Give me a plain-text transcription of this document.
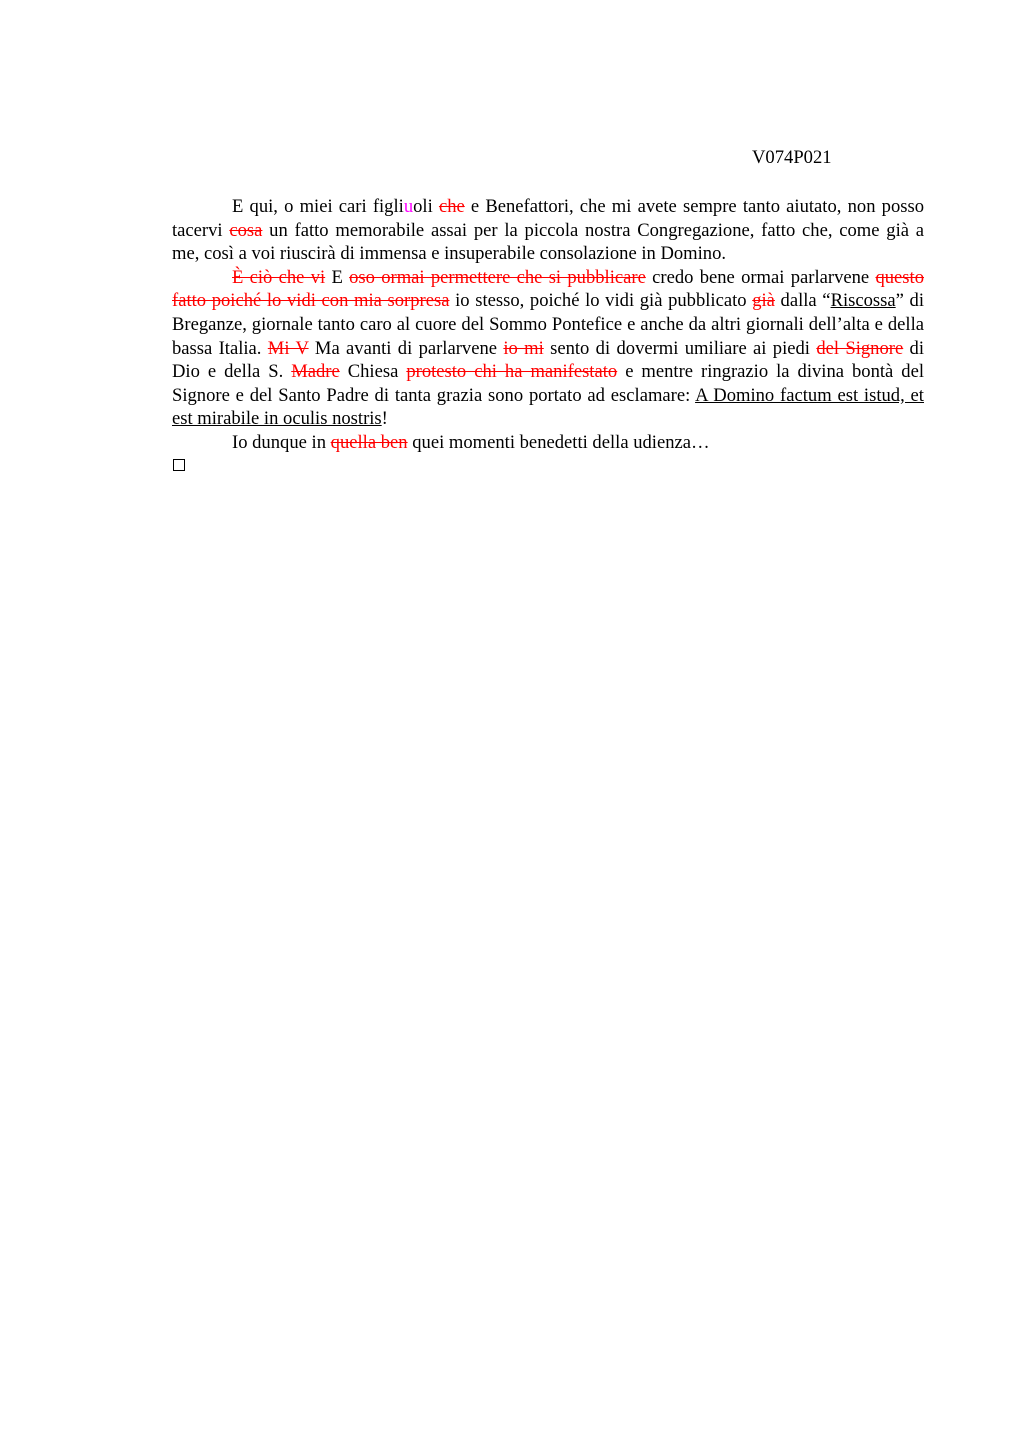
V074P021

E qui, o miei cari figliuoli che e Benefattori, che mi avete sempre tanto aiutato, non posso tacervi cosa un fatto memorabile assai per la piccola nostra Congregazione, fatto che, come già a me, così a voi riuscirà di immensa e insuperabile consolazione in Domino.

È ciò che vi E oso ormai permettere che si pubblicare credo bene ormai parlarvene questo fatto poiché lo vidi con mia sorpresa io stesso, poiché lo vidi già pubblicato già dalla “Riscossa” di Breganze, giornale tanto caro al cuore del Sommo Pontefice e anche da altri giornali dell’alta e della bassa Italia. Mi V Ma avanti di parlarvene io mi sento di dovermi umiliare ai piedi del Signore di Dio e della S. Madre Chiesa protesto chi ha manifestato e mentre ringrazio la divina bontà del Signore e del Santo Padre di tanta grazia sono portato ad esclamare: A Domino factum est istud, et est mirabile in oculis nostris!

Io dunque in quella ben quei momenti benedetti della udienza…
